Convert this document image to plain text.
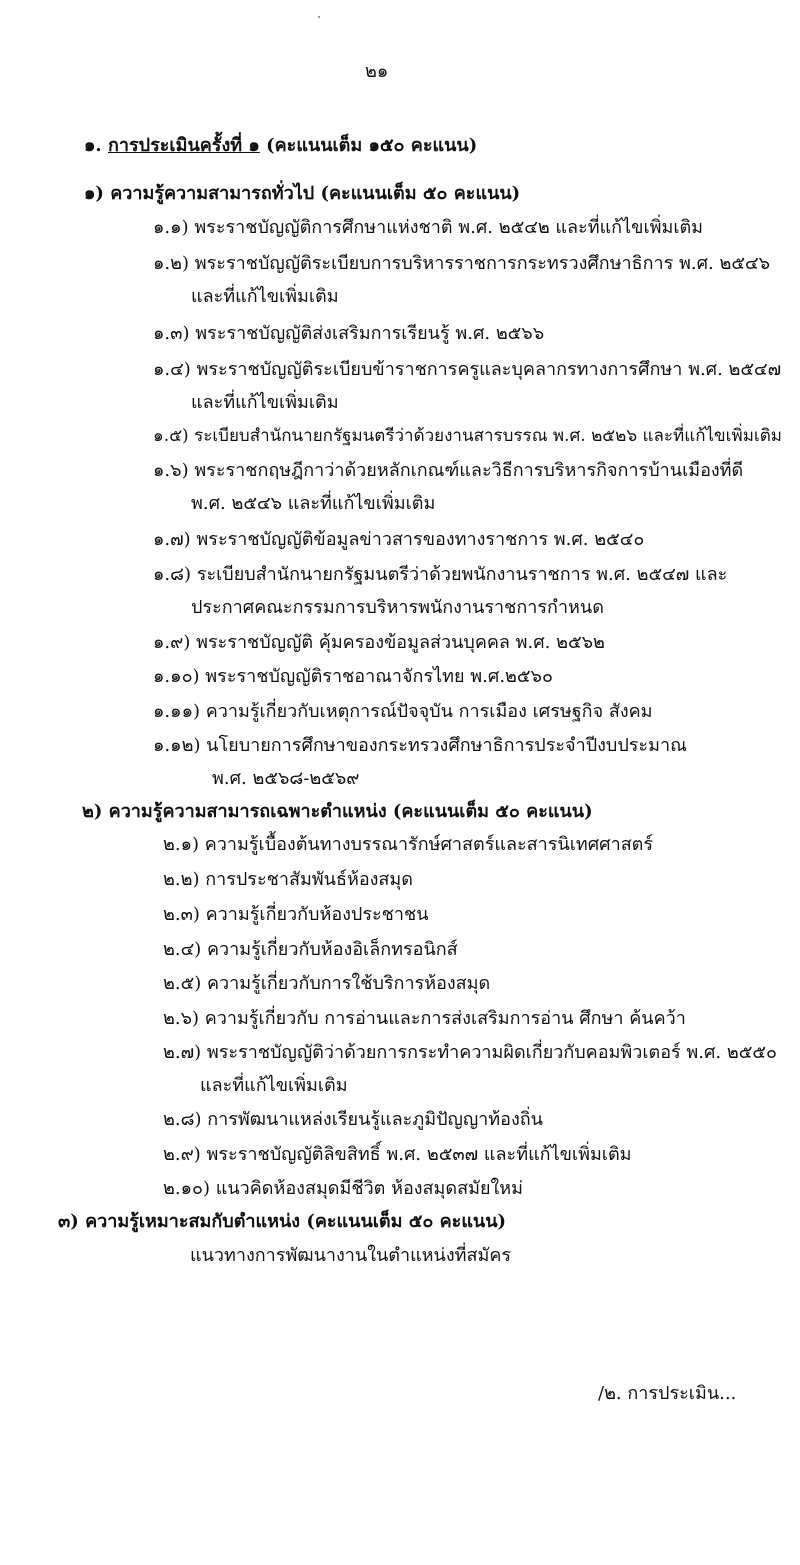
๒๑
๑. การประเมินครั้งที่ ๑ (คะแนนเต็ม ๑๕๐ คะแนน)
๑) ความรู้ความสามารถทั่วไป (คะแนนเต็ม ๕๐ คะแนน)
๑.๑) พระราชบัญญัติการศึกษาแห่งชาติ พ.ศ. ๒๕๔๒ และที่แก้ไขเพิ่มเติม
๑.๒) พระราชบัญญัติระเบียบการบริหารราชการกระทรวงศึกษาธิการ พ.ศ. ๒๕๔๖
และที่แก้ไขเพิ่มเติม
๑.๓) พระราชบัญญัติส่งเสริมการเรียนรู้ พ.ศ. ๒๕๖๖
๑.๔) พระราชบัญญัติระเบียบข้าราชการครูและบุคลากรทางการศึกษา พ.ศ. ๒๕๔๗
และที่แก้ไขเพิ่มเติม
๑.๕) ระเบียบสำนักนายกรัฐมนตรีว่าด้วยงานสารบรรณ พ.ศ. ๒๕๒๖ และที่แก้ไขเพิ่มเติม
๑.๖) พระราชกฤษฎีกาว่าด้วยหลักเกณฑ์และวิธีการบริหารกิจการบ้านเมืองที่ดี
พ.ศ. ๒๕๔๖ และที่แก้ไขเพิ่มเติม
๑.๗) พระราชบัญญัติข้อมูลข่าวสารของทางราชการ พ.ศ. ๒๕๔๐
๑.๘) ระเบียบสำนักนายกรัฐมนตรีว่าด้วยพนักงานราชการ พ.ศ. ๒๕๔๗ และ
ประกาศคณะกรรมการบริหารพนักงานราชการกำหนด
๑.๙) พระราชบัญญัติ คุ้มครองข้อมูลส่วนบุคคล พ.ศ. ๒๕๖๒
๑.๑๐) พระราชบัญญัติราชอาณาจักรไทย พ.ศ.๒๕๖๐
๑.๑๑) ความรู้เกี่ยวกับเหตุการณ์ปัจจุบัน การเมือง เศรษฐกิจ สังคม
๑.๑๒) นโยบายการศึกษาของกระทรวงศึกษาธิการประจำปีงบประมาณ
พ.ศ. ๒๕๖๘-๒๕๖๙
๒) ความรู้ความสามารถเฉพาะตำแหน่ง (คะแนนเต็ม ๕๐ คะแนน)
๒.๑) ความรู้เบื้องต้นทางบรรณารักษ์ศาสตร์และสารนิเทศศาสตร์
๒.๒) การประชาสัมพันธ์ห้องสมุด
๒.๓) ความรู้เกี่ยวกับห้องประชาชน
๒.๔) ความรู้เกี่ยวกับห้องอิเล็กทรอนิกส์
๒.๕) ความรู้เกี่ยวกับการใช้บริการห้องสมุด
๒.๖) ความรู้เกี่ยวกับ การอ่านและการส่งเสริมการอ่าน ศึกษา ค้นคว้า
๒.๗) พระราชบัญญัติว่าด้วยการกระทำความผิดเกี่ยวกับคอมพิวเตอร์ พ.ศ. ๒๕๕๐
และที่แก้ไขเพิ่มเติม
๒.๘) การพัฒนาแหล่งเรียนรู้และภูมิปัญญาท้องถิ่น
๒.๙) พระราชบัญญัติลิขสิทธิ์ พ.ศ. ๒๕๓๗ และที่แก้ไขเพิ่มเติม
๒.๑๐) แนวคิดห้องสมุดมีชีวิต ห้องสมุดสมัยใหม่
๓) ความรู้เหมาะสมกับตำแหน่ง (คะแนนเต็ม ๕๐ คะแนน)
แนวทางการพัฒนางานในตำแหน่งที่สมัคร
/๒. การประเมิน...
